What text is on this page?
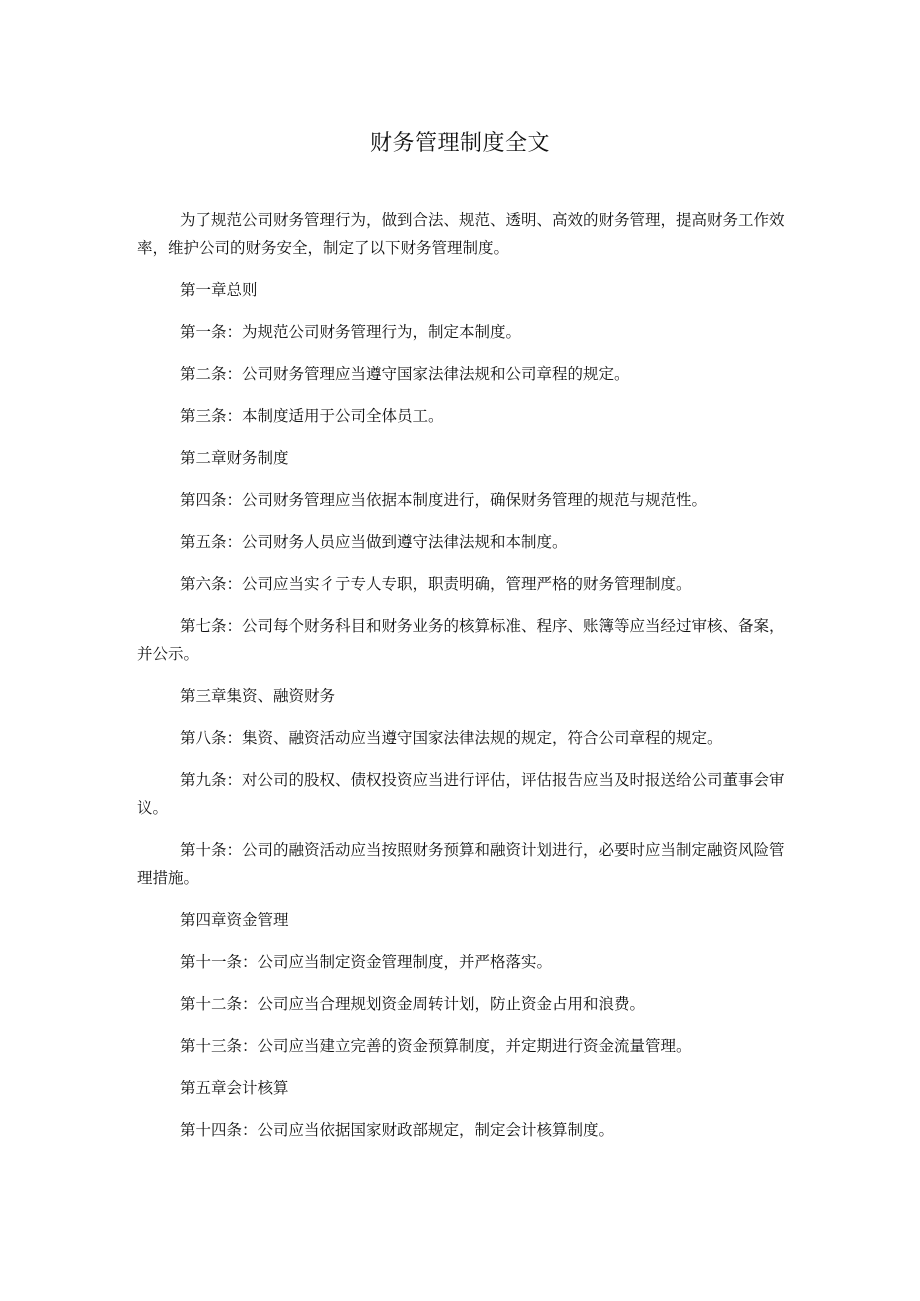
财务管理制度全文

为了规范公司财务管理行为，做到合法、规范、透明、高效的财务管理，提高财务工作效率，维护公司的财务安全，制定了以下财务管理制度。

第一章总则

第一条：为规范公司财务管理行为，制定本制度。

第二条：公司财务管理应当遵守国家法律法规和公司章程的规定。

第三条：本制度适用于公司全体员工。

第二章财务制度

第四条：公司财务管理应当依据本制度进行，确保财务管理的规范与规范性。

第五条：公司财务人员应当做到遵守法律法规和本制度。

第六条：公司应当实彳亍专人专职，职责明确，管理严格的财务管理制度。

第七条：公司每个财务科目和财务业务的核算标准、程序、账簿等应当经过审核、备案，并公示。

第三章集资、融资财务

第八条：集资、融资活动应当遵守国家法律法规的规定，符合公司章程的规定。

第九条：对公司的股权、债权投资应当进行评估，评估报告应当及时报送给公司董事会审议。

第十条：公司的融资活动应当按照财务预算和融资计划进行，必要时应当制定融资风险管理措施。

第四章资金管理

第十一条：公司应当制定资金管理制度，并严格落实。

第十二条：公司应当合理规划资金周转计划，防止资金占用和浪费。

第十三条：公司应当建立完善的资金预算制度，并定期进行资金流量管理。

第五章会计核算

第十四条：公司应当依据国家财政部规定，制定会计核算制度。
